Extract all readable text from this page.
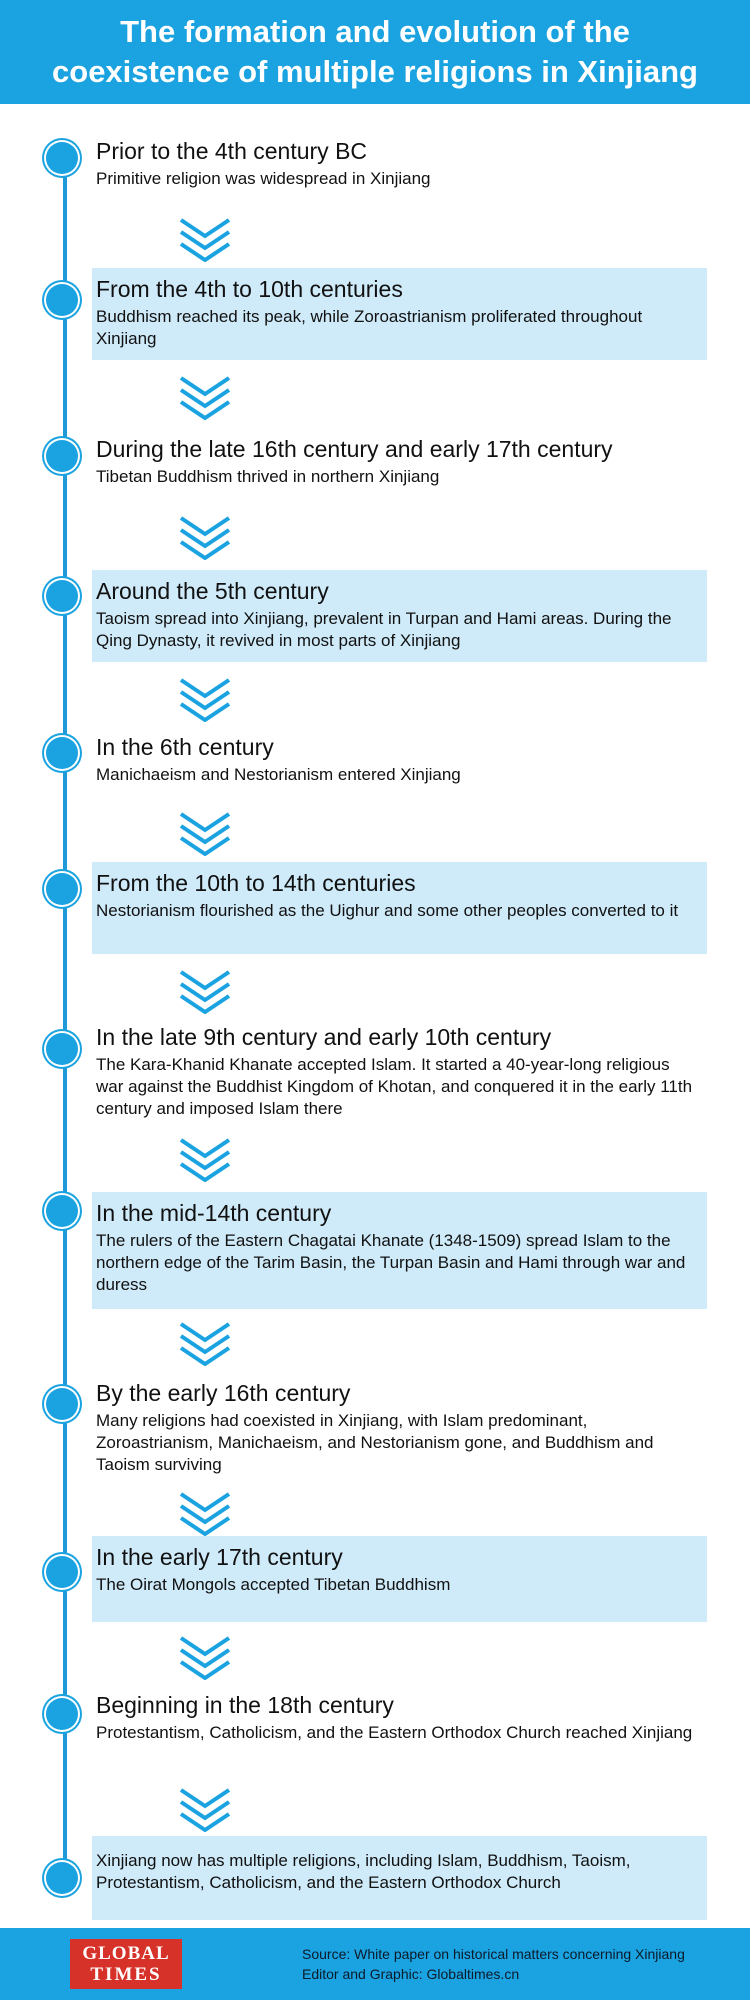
The formation and evolution of the coexistence of multiple religions in Xinjiang

Prior to the 4th century BC

Primitive religion was widespread in Xinjiang

From the 4th to 10th centuries

Buddhism reached its peak, while Zoroastrianism proliferated throughout Xinjiang

During the late 16th century and early 17th century

Tibetan Buddhism thrived in northern Xinjiang

Around the 5th century

Taoism spread into Xinjiang, prevalent in Turpan and Hami areas. During the Qing Dynasty, it revived in most parts of Xinjiang

In the 6th century

Manichaeism and Nestorianism entered Xinjiang

From the 10th to 14th centuries

Nestorianism flourished as the Uighur and some other peoples converted to it

In the late 9th century and early 10th century

The Kara-Khanid Khanate accepted Islam. It started a 40-year-long religious war against the Buddhist Kingdom of Khotan, and conquered it in the early 11th century and imposed Islam there

In the mid-14th century

The rulers of the Eastern Chagatai Khanate (1348-1509) spread Islam to the northern edge of the Tarim Basin, the Turpan Basin and Hami through war and duress

By the early 16th century

Many religions had coexisted in Xinjiang, with Islam predominant, Zoroastrianism, Manichaeism, and Nestorianism gone, and Buddhism and Taoism surviving

In the early 17th century

The Oirat Mongols accepted Tibetan Buddhism

Beginning in the 18th century

Protestantism, Catholicism, and the Eastern Orthodox Church reached Xinjiang

Xinjiang now has multiple religions, including Islam, Buddhism, Taoism, Protestantism, Catholicism, and the Eastern Orthodox Church

GLOBAL
TIMES
Source: White paper on historical matters concerning Xinjiang
Editor and Graphic: Globaltimes.cn
